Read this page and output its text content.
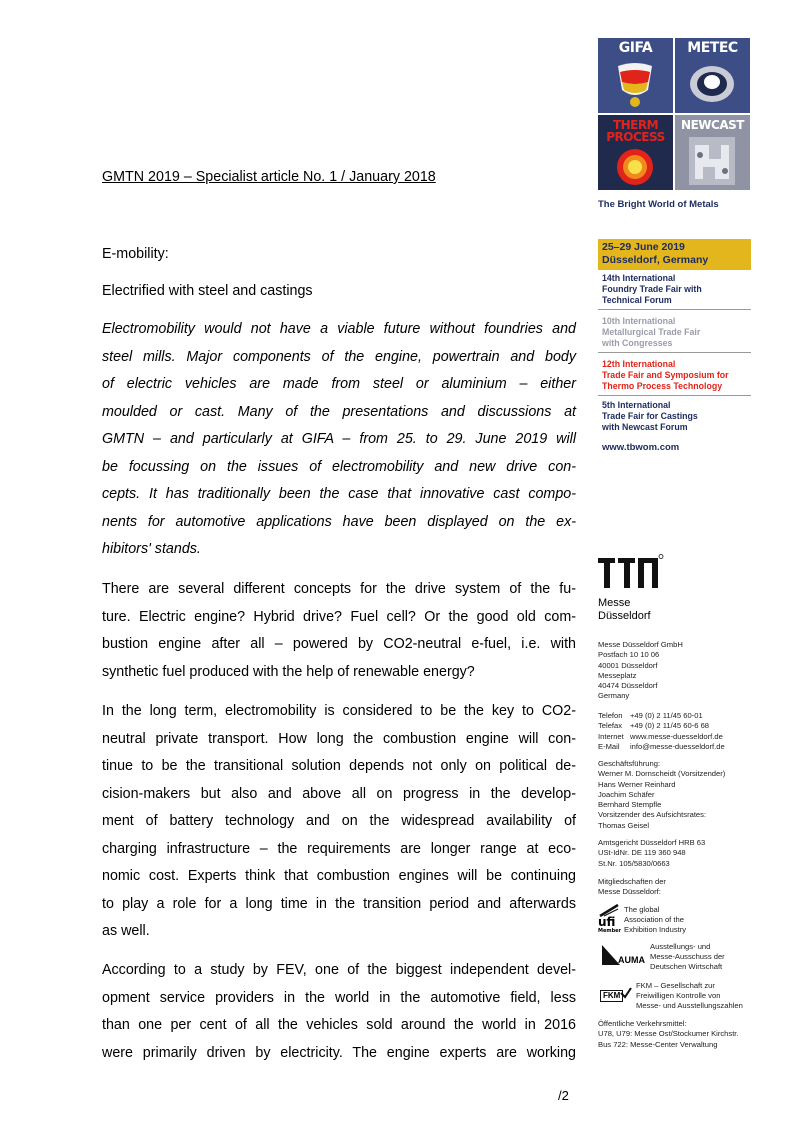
GMTN 2019 – Specialist article No. 1 / January 2018
E-mobility:
Electrified with steel and castings
Electromobility would not have a viable future without foundries and
steel mills. Major components of the engine, powertrain and body
of electric vehicles are made from steel or aluminium – either
moulded or cast. Many of the presentations and discussions at
GMTN – and particularly at GIFA – from 25. to 29. June 2019 will
be focussing on the issues of electromobility and new drive con-
cepts. It has traditionally been the case that innovative cast compo-
nents for automotive applications have been displayed on the ex-
hibitors' stands.
There are several different concepts for the drive system of the fu-
ture. Electric engine? Hybrid drive? Fuel cell? Or the good old com-
bustion engine after all – powered by CO2-neutral e-fuel, i.e. with
synthetic fuel produced with the help of renewable energy?
In the long term, electromobility is considered to be the key to CO2-
neutral private transport. How long the combustion engine will con-
tinue to be the transitional solution depends not only on political de-
cision-makers but also and above all on progress in the develop-
ment of battery technology and on the widespread availability of
charging infrastructure – the requirements are longer range at eco-
nomic cost. Experts think that combustion engines will be continuing
to play a role for a long time in the transition period and afterwards
as well.
According to a study by FEV, one of the biggest independent devel-
opment service providers in the world in the automotive field, less
than one per cent of all the vehicles sold around the world in 2016
were primarily driven by electricity. The engine experts are working
/2
GIFA	METEC
THERM PROCESS
NEWCAST
The Bright World of Metals
25–29 June 2019
Düsseldorf, Germany
14th International
Foundry Trade Fair with
Technical Forum
10th International
Metallurgical Trade Fair
with Congresses
12th International
Trade Fair and Symposium for
Thermo Process Technology
5th International
Trade Fair for Castings
with Newcast Forum
www.tbwom.com
Messe
Düsseldorf
Messe Düsseldorf GmbH
Postfach 10 10 06
40001 Düsseldorf
Messeplatz
40474 Düsseldorf
Germany
Telefon +49 (0) 2 11/45 60-01
Telefax +49 (0) 2 11/45 60-6 68
Internet www.messe-duesseldorf.de
E-Mail info@messe-duesseldorf.de
Geschäftsführung:
Werner M. Dornscheidt (Vorsitzender)
Hans Werner Reinhard
Joachim Schäfer
Bernhard Stempfle
Vorsitzender des Aufsichtsrates:
Thomas Geisel
Amtsgericht Düsseldorf HRB 63
USt-IdNr. DE 119 360 948
St.Nr. 105/5830/0663
Mitgliedschaften der
Messe Düsseldorf:
ufi
Member
The global
Association of the
Exhibition Industry
AUMA
Ausstellungs- und
Messe-Ausschuss der
Deutschen Wirtschaft
FKM
FKM – Gesellschaft zur
Freiwilligen Kontrolle von
Messe- und Ausstellungszahlen
Öffentliche Verkehrsmittel:
U78, U79: Messe Ost/Stockumer Kirchstr.
Bus 722: Messe-Center Verwaltung
